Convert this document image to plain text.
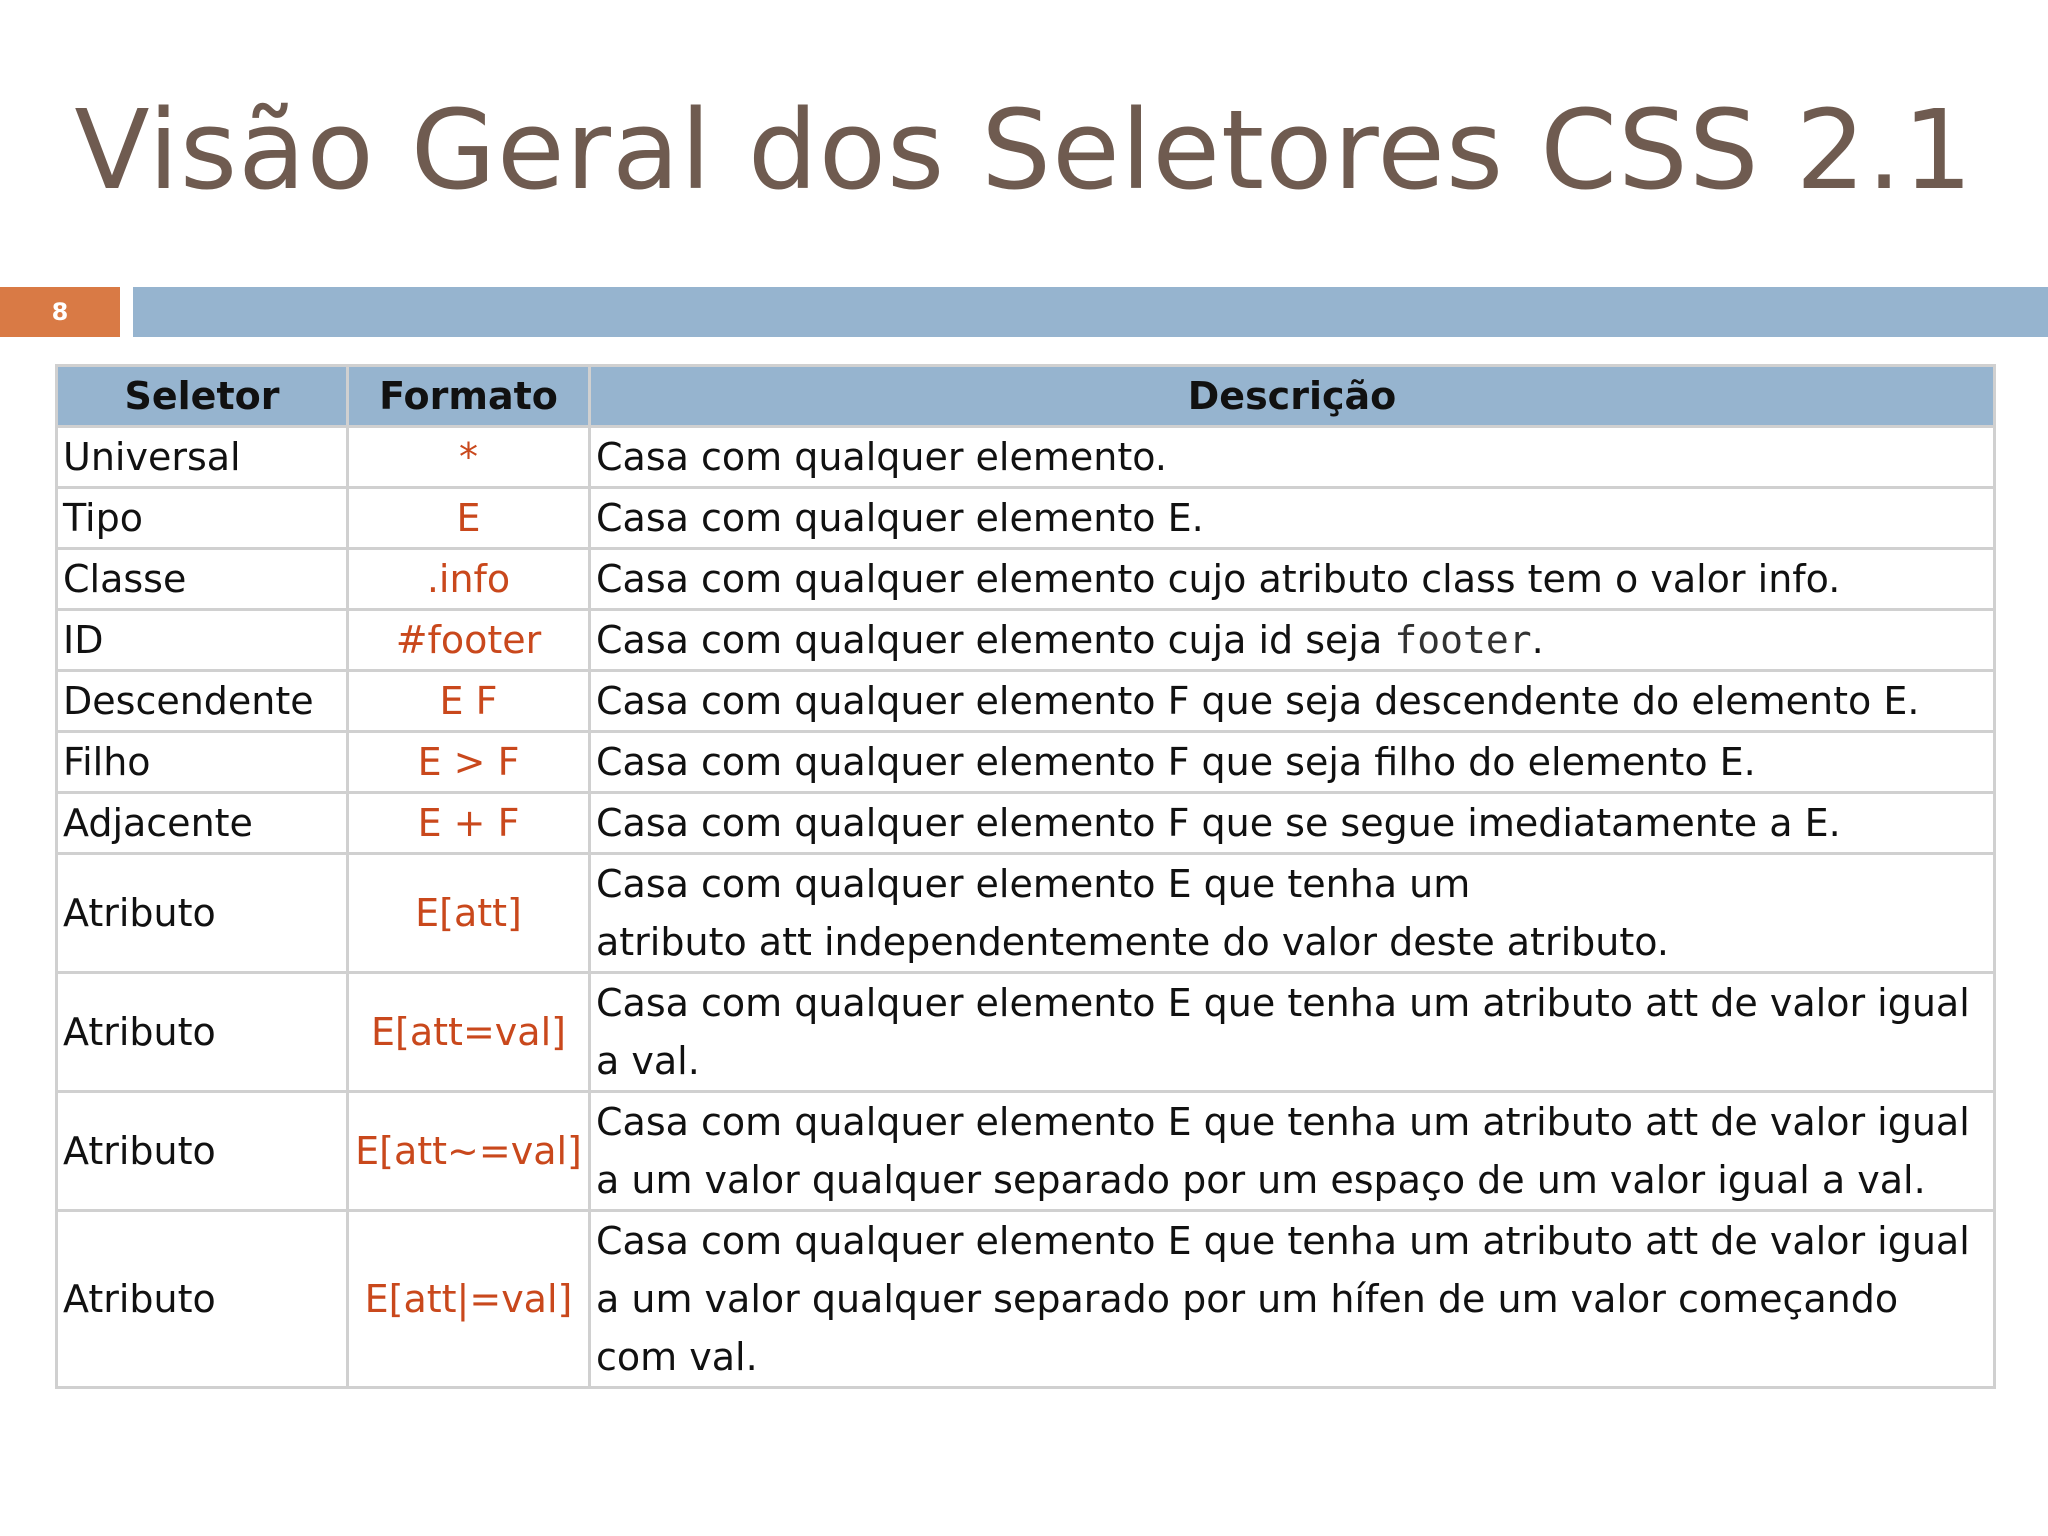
Visão Geral dos Seletores CSS 2.1
8
Seletor	Formato	Descrição
Universal	*	Casa com qualquer elemento.
Tipo	E	Casa com qualquer elemento E.
Classe	.info	Casa com qualquer elemento cujo atributo class tem o valor info.
ID	#footer	Casa com qualquer elemento cuja id seja footer.
Descendente	E F	Casa com qualquer elemento F que seja descendente do elemento E.
Filho	E > F	Casa com qualquer elemento F que seja filho do elemento E.
Adjacente	E + F	Casa com qualquer elemento F que se segue imediatamente a E.
Atributo	E[att]	Casa com qualquer elemento E que tenha um
atributo att independentemente do valor deste atributo.

Atributo	E[att=val]	Casa com qualquer elemento E que tenha um atributo att de valor igual
a val.

Atributo	E[att~=val]	Casa com qualquer elemento E que tenha um atributo att de valor igual
a um valor qualquer separado por um espaço de um valor igual a val.

Atributo	E[att|=val]	Casa com qualquer elemento E que tenha um atributo att de valor igual
a um valor qualquer separado por um hífen de um valor começando
com val.
